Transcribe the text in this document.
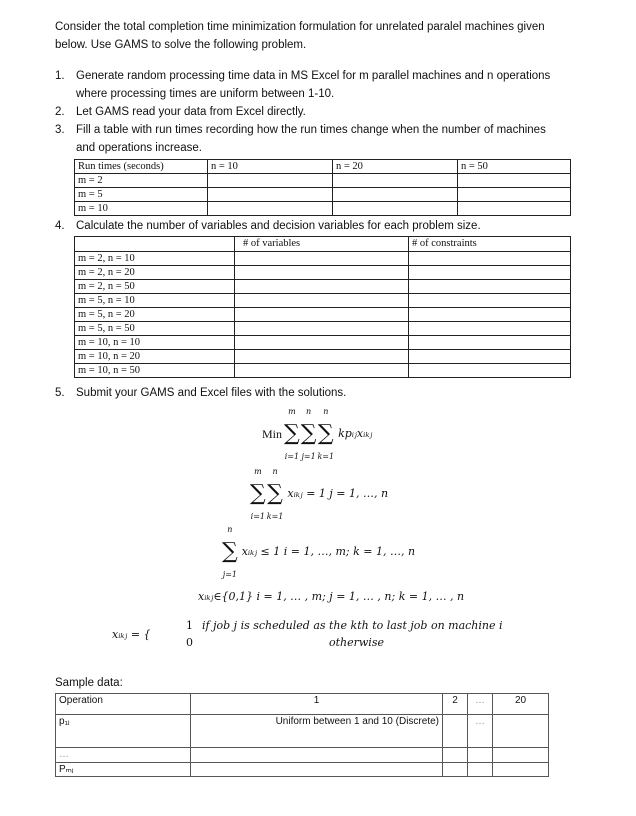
Consider the total completion time minimization formulation for unrelated paralel machines given
below. Use GAMS to solve the following problem.
1. Generate random processing time data in MS Excel for m parallel machines and n operations
where processing times are uniform between 1-10.
2. Let GAMS read your data from Excel directly.
3. Fill a table with run times recording how the run times change when the number of machines
and operations increase.
Run times (seconds)	n = 10	n = 20	n = 50
m = 2			
m = 5			
m = 10			
4. Calculate the number of variables and decision variables for each problem size.
	# of variables	# of constraints
m = 2, n = 10		
m = 2, n = 20		
m = 2, n = 50		
m = 5, n = 10		
m = 5, n = 20		
m = 5, n = 50		
m = 10, n = 10		
m = 10, n = 20		
m = 10, n = 50		
5. Submit your GAMS and Excel files with the solutions.
Min
m
∑
i=1
n
∑
j=1
n
∑
k=1
kpᵢⱼxᵢₖⱼ
m
∑
i=1
n
∑
k=1
xᵢₖⱼ = 1 j = 1, …, n
n
∑
j=1
xᵢₖⱼ ≤ 1 i = 1, …, m; k = 1, …, n
xᵢₖⱼ∈{0,1} i = 1, … , m; j = 1, … , n; k = 1, … , n
xᵢₖⱼ = {
1
0
if job j is scheduled as the kth to last job on machine i
otherwise
Sample data:
Operation	1	2	…	20
p₁ⱼ	Uniform between 1 and 10 (Discrete)		…	
…				
Pₘⱼ				
